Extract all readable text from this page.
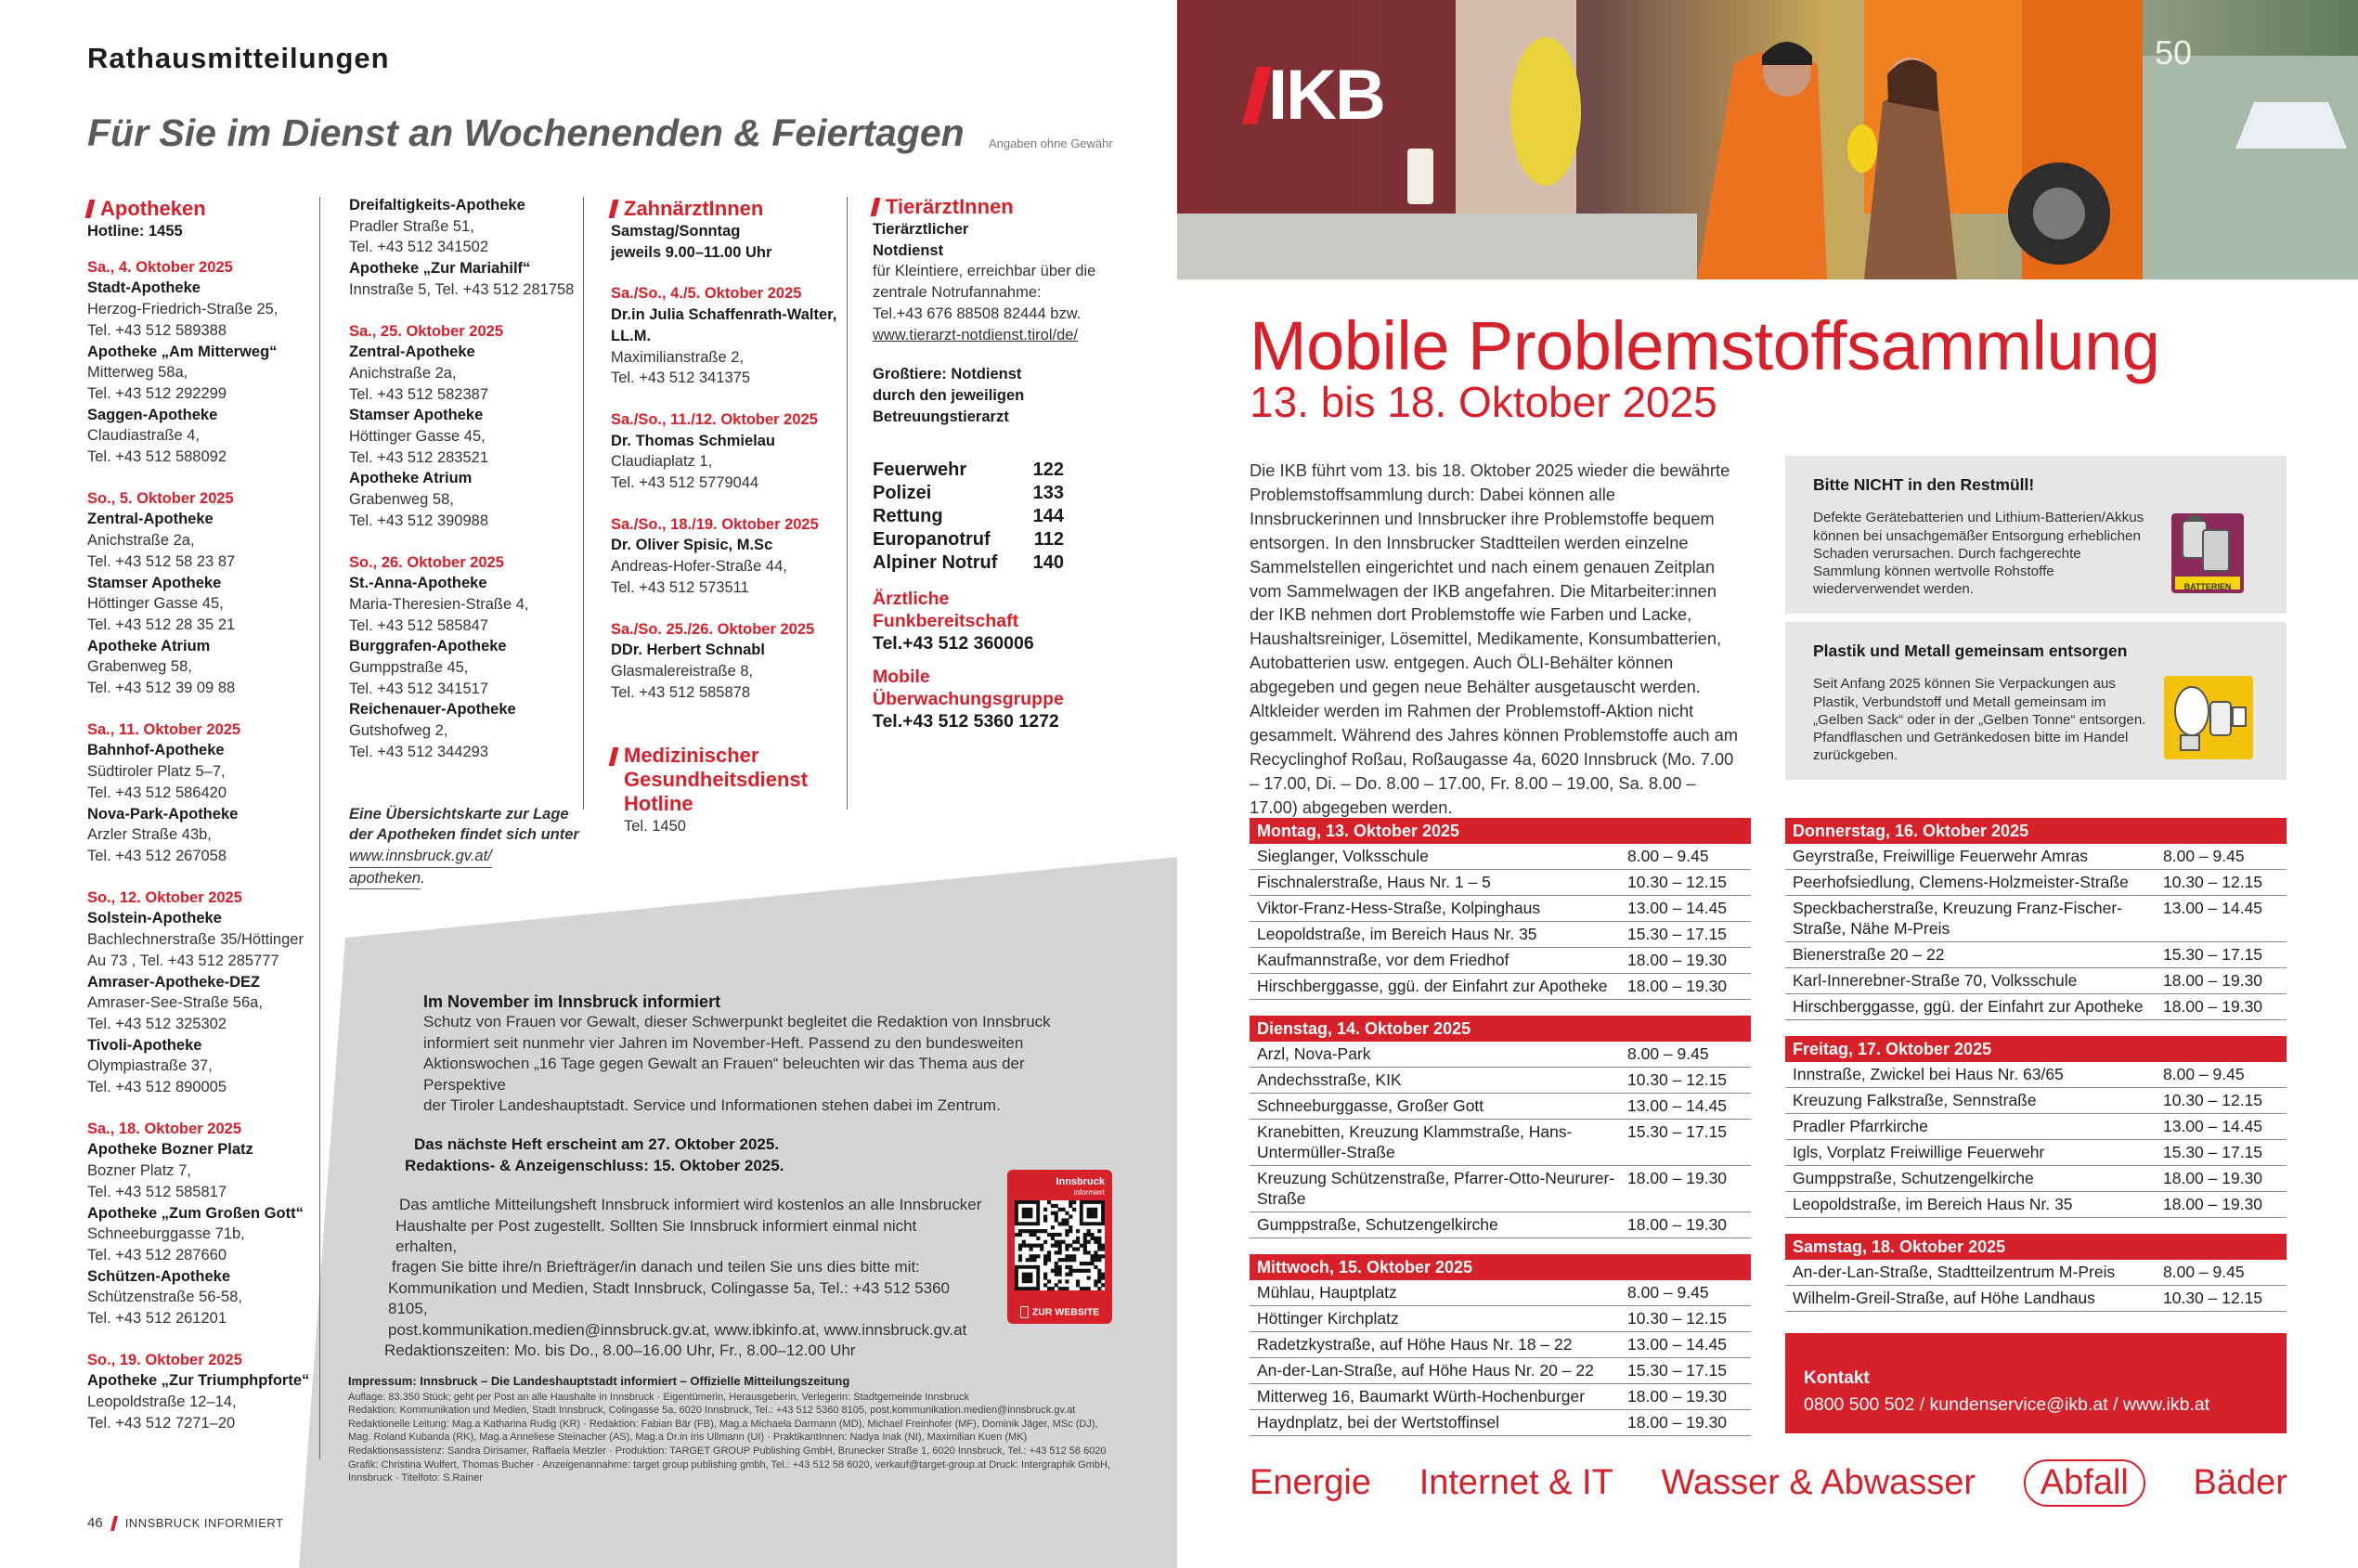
Rathausmitteilungen
Für Sie im Dienst an Wochenenden & Feiertagen Angaben ohne Gewähr
Apotheken
Hotline: 1455
Sa., 4. Oktober 2025
Stadt-Apotheke
Herzog-Friedrich-Straße 25,
Tel. +43 512 589388
Apotheke „Am Mitterweg“
Mitterweg 58a,
Tel. +43 512 292299
Saggen-Apotheke
Claudiastraße 4,
Tel. +43 512 588092
So., 5. Oktober 2025
Zentral-Apotheke
Anichstraße 2a,
Tel. +43 512 58 23 87
Stamser Apotheke
Höttinger Gasse 45,
Tel. +43 512 28 35 21
Apotheke Atrium
Grabenweg 58,
Tel. +43 512 39 09 88
Sa., 11. Oktober 2025
Bahnhof-Apotheke
Südtiroler Platz 5–7,
Tel. +43 512 586420
Nova-Park-Apotheke
Arzler Straße 43b,
Tel. +43 512 267058
So., 12. Oktober 2025
Solstein-Apotheke
Bachlechnerstraße 35/Höttinger
Au 73 , Tel. +43 512 285777
Amraser-Apotheke-DEZ
Amraser-See-Straße 56a,
Tel. +43 512 325302
Tivoli-Apotheke
Olympiastraße 37,
Tel. +43 512 890005
Sa., 18. Oktober 2025
Apotheke Bozner Platz
Bozner Platz 7,
Tel. +43 512 585817
Apotheke „Zum Großen Gott“
Schneeburggasse 71b,
Tel. +43 512 287660
Schützen-Apotheke
Schützenstraße 56-58,
Tel. +43 512 261201
So., 19. Oktober 2025
Apotheke „Zur Triumphpforte“
Leopoldstraße 12–14,
Tel. +43 512 7271–20
Dreifaltigkeits-Apotheke
Pradler Straße 51,
Tel. +43 512 341502
Apotheke „Zur Mariahilf“
Innstraße 5, Tel. +43 512 281758
Sa., 25. Oktober 2025
Zentral-Apotheke
Anichstraße 2a,
Tel. +43 512 582387
Stamser Apotheke
Höttinger Gasse 45,
Tel. +43 512 283521
Apotheke Atrium
Grabenweg 58,
Tel. +43 512 390988
So., 26. Oktober 2025
St.-Anna-Apotheke
Maria-Theresien-Straße 4,
Tel. +43 512 585847
Burggrafen-Apotheke
Gumppstraße 45,
Tel. +43 512 341517
Reichenauer-Apotheke
Gutshofweg 2,
Tel. +43 512 344293
Eine Übersichtskarte zur Lage
der Apotheken findet sich unter
www.innsbruck.gv.at/
apotheken.
ZahnärztInnen
Samstag/Sonntag
jeweils 9.00–11.00 Uhr
Sa./So., 4./5. Oktober 2025
Dr.in Julia Schaffenrath-Walter,
LL.M.
Maximilianstraße 2,
Tel. +43 512 341375
Sa./So., 11./12. Oktober 2025
Dr. Thomas Schmielau
Claudiaplatz 1,
Tel. +43 512 5779044
Sa./So., 18./19. Oktober 2025
Dr. Oliver Spisic, M.Sc
Andreas-Hofer-Straße 44,
Tel. +43 512 573511
Sa./So. 25./26. Oktober 2025
DDr. Herbert Schnabl
Glasmalereistraße 8,
Tel. +43 512 585878
Medizinischer
Gesundheitsdienst
Hotline
Tel. 1450
TierärztInnen
Tierärztlicher
Notdienst
für Kleintiere, erreichbar über die
zentrale Notrufannahme:
Tel.+43 676 88508 82444 bzw.
www.tierarzt-notdienst.tirol/de/
Großtiere: Notdienst
durch den jeweiligen
Betreuungstierarzt
Feuerwehr	122
Polizei	133
Rettung	144
Europanotruf 112
Alpiner Notruf 140
Ärztliche
Funkbereitschaft
Tel.+43 512 360006
Mobile
Überwachungsgruppe
Tel.+43 512 5360 1272
Im November im Innsbruck informiert
Schutz von Frauen vor Gewalt, dieser Schwerpunkt begleitet die Redaktion von Innsbruck
informiert seit nunmehr vier Jahren im November-Heft. Passend zu den bundesweiten
Aktionswochen „16 Tage gegen Gewalt an Frauen“ beleuchten wir das Thema aus der Perspektive
der Tiroler Landeshauptstadt. Service und Informationen stehen dabei im Zentrum.
Das nächste Heft erscheint am 27. Oktober 2025.
Redaktions- & Anzeigenschluss: 15. Oktober 2025.
Das amtliche Mitteilungsheft Innsbruck informiert wird kostenlos an alle Innsbrucker
Haushalte per Post zugestellt. Sollten Sie Innsbruck informiert einmal nicht erhalten,
fragen Sie bitte ihre/n Briefträger/in danach und teilen Sie uns dies bitte mit:
Kommunikation und Medien, Stadt Innsbruck, Colingasse 5a, Tel.: +43 512 5360 8105,
post.kommunikation.medien@innsbruck.gv.at, www.ibkinfo.at, www.innsbruck.gv.at
Redaktionszeiten: Mo. bis Do., 8.00–16.00 Uhr, Fr., 8.00–12.00 Uhr
Innsbruck
informiert
ZUR WEBSITE
Impressum: Innsbruck – Die Landeshauptstadt informiert – Offizielle Mitteilungszeitung
Auflage: 83.350 Stück; geht per Post an alle Haushalte in Innsbruck · Eigentümerin, Herausgeberin, Verlegerin: Stadtgemeinde Innsbruck
Redaktion: Kommunikation und Medien, Stadt Innsbruck, Colingasse 5a, 6020 Innsbruck, Tel.: +43 512 5360 8105, post.kommunikation.medien@innsbruck.gv.at
Redaktionelle Leitung: Mag.a Katharina Rudig (KR) · Redaktion: Fabian Bär (FB), Mag.a Michaela Darmann (MD), Michael Freinhofer (MF), Dominik Jäger, MSc (DJ),
Mag. Roland Kubanda (RK), Mag.a Anneliese Steinacher (AS), Mag.a Dr.in Iris Ullmann (UI) · PraktikantInnen: Nadya Inak (NI), Maximilian Kuen (MK)
Redaktionsassistenz: Sandra Dirisamer, Raffaela Metzler · Produktion: TARGET GROUP Publishing GmbH, Brunecker Straße 1, 6020 Innsbruck, Tel.: +43 512 58 6020
Grafik: Christina Wulfert, Thomas Bucher · Anzeigenannahme: target group publishing gmbh, Tel.: +43 512 58 6020, verkauf@target-group.at Druck: Intergraphik GmbH,
Innsbruck · Titelfoto: S.Rainer
46 INNSBRUCK INFORMIERT
IKB
50
Mobile Problemstoffsammlung
13. bis 18. Oktober 2025
Die IKB führt vom 13. bis 18. Oktober 2025 wieder die bewährte Problemstoffsammlung durch: Dabei können alle Innsbruckerinnen und Innsbrucker ihre Problemstoffe bequem entsorgen. In den Innsbrucker Stadtteilen werden einzelne Sammelstellen eingerichtet und nach einem genauen Zeitplan vom Sammelwagen der IKB angefahren. Die Mitarbeiter:innen der IKB nehmen dort Problemstoffe wie Farben und Lacke, Haushaltsreiniger, Lösemittel, Medikamente, Konsumbatterien, Autobatterien usw. entgegen. Auch ÖLI-Behälter können abgegeben und gegen neue Behälter ausgetauscht werden. Altkleider werden im Rahmen der Problemstoff-Aktion nicht gesammelt. Während des Jahres können Problemstoffe auch am Recyclinghof Roßau, Roßaugasse 4a, 6020 Innsbruck (Mo. 7.00 – 17.00, Di. – Do. 8.00 – 17.00, Fr. 8.00 – 19.00, Sa. 8.00 – 17.00) abgegeben werden.
Bitte NICHT in den Restmüll!
Defekte Gerätebatterien und Lithium-Batterien/Akkus können bei unsachgemäßer Entsorgung erheblichen Schaden verursachen. Durch fachgerechte Sammlung können wertvolle Rohstoffe wiederverwendet werden.	BATTERIEN
Plastik und Metall gemeinsam entsorgen
Seit Anfang 2025 können Sie Verpackungen aus Plastik, Verbundstoff und Metall gemeinsam im „Gelben Sack“ oder in der „Gelben Tonne“ entsorgen. Pfandflaschen und Getränkedosen bitte im Handel zurückgeben.
Montag, 13. Oktober 2025
Sieglanger, Volksschule	8.00 – 9.45
Fischnalerstraße, Haus Nr. 1 – 5	10.30 – 12.15
Viktor-Franz-Hess-Straße, Kolpinghaus	13.00 – 14.45
Leopoldstraße, im Bereich Haus Nr. 35	15.30 – 17.15
Kaufmannstraße, vor dem Friedhof	18.00 – 19.30
Hirschberggasse, ggü. der Einfahrt zur Apotheke	18.00 – 19.30
Dienstag, 14. Oktober 2025
Arzl, Nova-Park	8.00 – 9.45
Andechsstraße, KIK	10.30 – 12.15
Schneeburggasse, Großer Gott	13.00 – 14.45
Kranebitten, Kreuzung Klammstraße, Hans-Untermüller-Straße
15.30 – 17.15
Kreuzung Schützenstraße, Pfarrer-Otto-Neururer-Straße
18.00 – 19.30
Gumppstraße, Schutzengelkirche	18.00 – 19.30
Mittwoch, 15. Oktober 2025
Mühlau, Hauptplatz	8.00 – 9.45
Höttinger Kirchplatz	10.30 – 12.15
Radetzkystraße, auf Höhe Haus Nr. 18 – 22	13.00 – 14.45
An-der-Lan-Straße, auf Höhe Haus Nr. 20 – 22	15.30 – 17.15
Mitterweg 16, Baumarkt Würth-Hochenburger	18.00 – 19.30
Haydnplatz, bei der Wertstoffinsel	18.00 – 19.30
Donnerstag, 16. Oktober 2025
Geyrstraße, Freiwillige Feuerwehr Amras	8.00 – 9.45
Peerhofsiedlung, Clemens-Holzmeister-Straße	10.30 – 12.15
Speckbacherstraße, Kreuzung Franz-Fischer-Straße, Nähe M-Preis
13.00 – 14.45
Bienerstraße 20 – 22	15.30 – 17.15
Karl-Innerebner-Straße 70, Volksschule	18.00 – 19.30
Hirschberggasse, ggü. der Einfahrt zur Apotheke	18.00 – 19.30
Freitag, 17. Oktober 2025
Innstraße, Zwickel bei Haus Nr. 63/65	8.00 – 9.45
Kreuzung Falkstraße, Sennstraße	10.30 – 12.15
Pradler Pfarrkirche	13.00 – 14.45
Igls, Vorplatz Freiwillige Feuerwehr	15.30 – 17.15
Gumppstraße, Schutzengelkirche	18.00 – 19.30
Leopoldstraße, im Bereich Haus Nr. 35	18.00 – 19.30
Samstag, 18. Oktober 2025
An-der-Lan-Straße, Stadtteilzentrum M-Preis	8.00 – 9.45
Wilhelm-Greil-Straße, auf Höhe Landhaus	10.30 – 12.15
Kontakt
0800 500 502 / kundenservice@ikb.at / www.ikb.at
Energie Internet & IT Wasser & Abwasser	Abfall	Bäder
